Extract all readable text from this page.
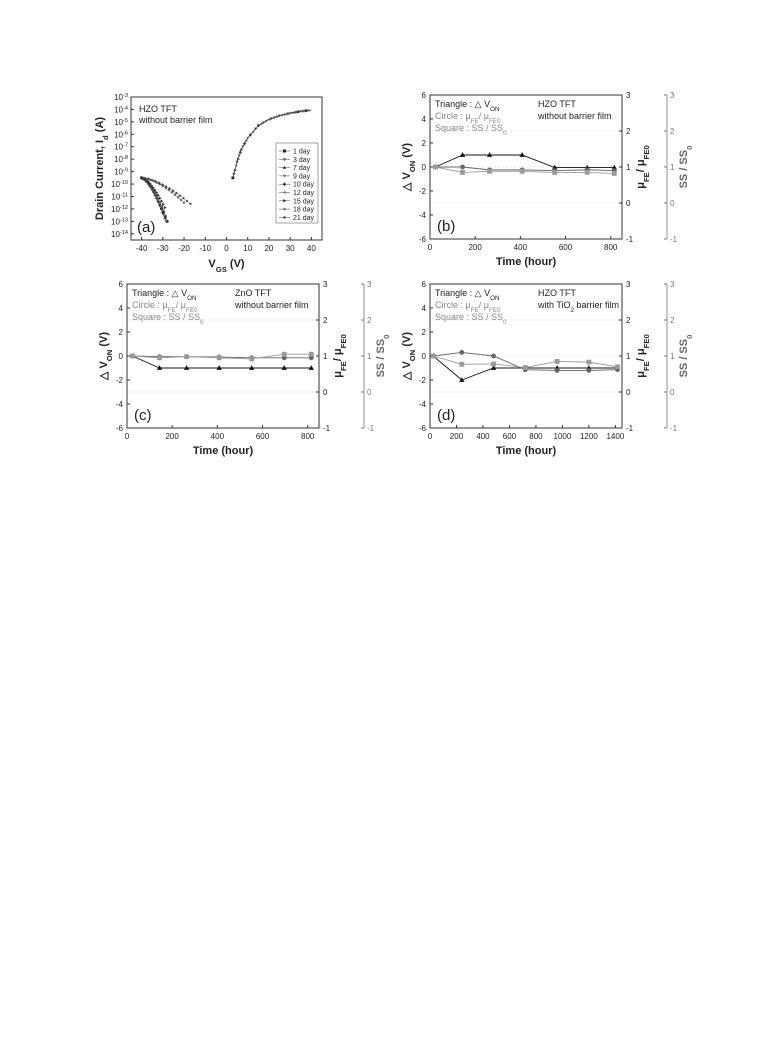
-40 -30 -20 -10 0 10 20 30 40
$10^{-14}$
$10^{-13}$
$10^{-12}$
$10^{-11}$
$10^{-10}$
$10^{-9}$
$10^{-8}$
$10^{-7}$
$10^{-6}$
$10^{-5}$
$10^{-4}$
$10^{-3}$
$V_{GS}$ (V)
Drain Current, $I_d$ (A)
HZO TFT
without barrier film
(a)
1 day
3 day
7 day
9 day
10 day
12 day
15 day
18 day
21 day
0	200	400	600	800
-6
-4
-2
0
2
4
6
-1
0
1
2
3
-1
0
1
2
3
Time (hour)
△ $V_{ON}$ (V)
$\mu_{FE}/$ $\mu_{FE0}$	SS / $SS_0$
Triangle : △ $V_{ON}$
Circle : $\mu_{FE}/$ $\mu_{FE0}$
Square : SS / $SS_0$
HZO TFT
without barrier film
(b)
0	200	400	600	800
-6
-4
-2
0
2
4
6
-1
0
1
2
3
-1
0
1
2
3
Time (hour)
△ $V_{ON}$ (V)
$\mu_{FE}/$ $\mu_{FE0}$	SS / $SS_0$
Triangle : △ $V_{ON}$
Circle : $\mu_{FE}/$ $\mu_{FE0}$
Square : SS / $SS_0$
ZnO TFT
without barrier film
(c)
0 200 400 600 800 1000 1200 1400
-6
-4
-2
0
2
4
6
-1
0
1
2
3
-1
0
1
2
3
Time (hour)
△ $V_{ON}$ (V)
$\mu_{FE}/$ $\mu_{FE0}$	SS / $SS_0$
Triangle : △ $V_{ON}$
Circle : $\mu_{FE}/$ $\mu_{FE0}$
Square : SS / $SS_0$
HZO TFT
with TiO$_2$ barrier film
(d)
